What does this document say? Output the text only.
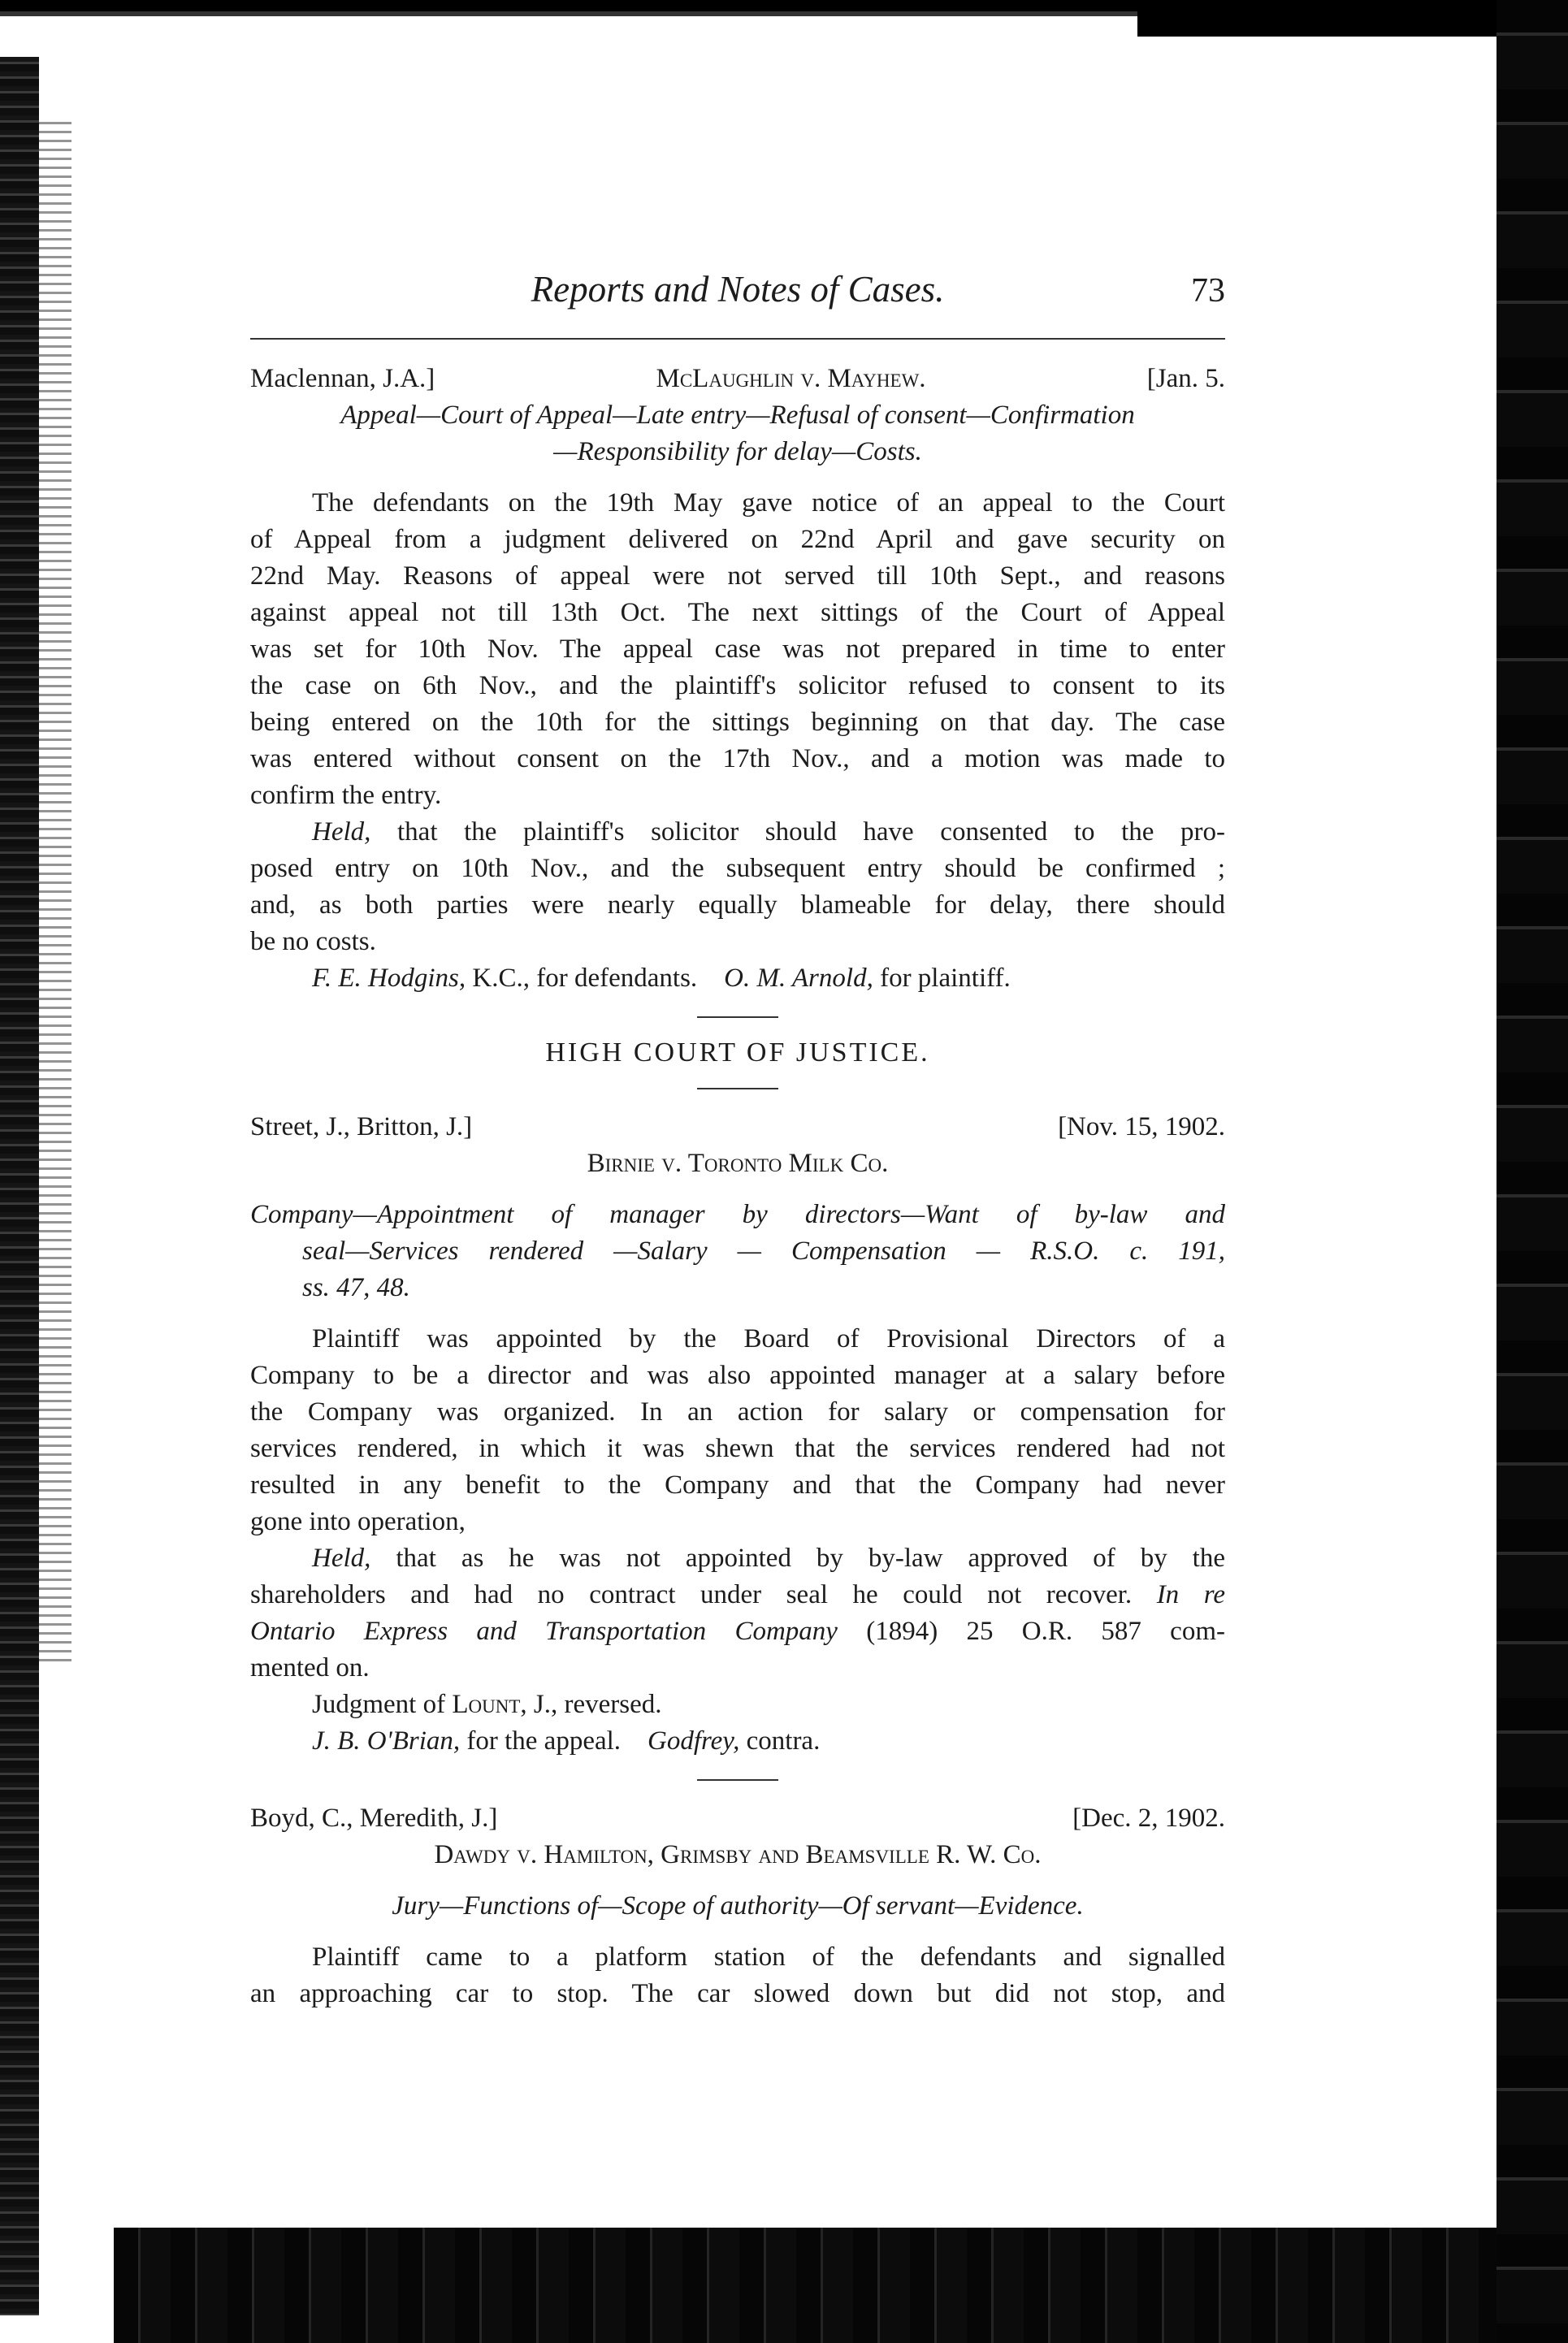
Reports and Notes of Cases.	73
Maclennan, J.A.]	McLaughlin v. Mayhew.	[Jan. 5.
Appeal—Court of Appeal—Late entry—Refusal of consent—Confirmation
—Responsibility for delay—Costs.
The defendants on the 19th May gave notice of an appeal to the Court
of Appeal from a judgment delivered on 22nd April and gave security on
22nd May. Reasons of appeal were not served till 10th Sept., and reasons
against appeal not till 13th Oct. The next sittings of the Court of Appeal
was set for 10th Nov. The appeal case was not prepared in time to enter
the case on 6th Nov., and the plaintiff's solicitor refused to consent to its
being entered on the 10th for the sittings beginning on that day. The case
was entered without consent on the 17th Nov., and a motion was made to
confirm the entry.
Held, that the plaintiff's solicitor should have consented to the pro-
posed entry on 10th Nov., and the subsequent entry should be confirmed ;
and, as both parties were nearly equally blameable for delay, there should
be no costs.
F. E. Hodgins, K.C., for defendants. O. M. Arnold, for plaintiff.
HIGH COURT OF JUSTICE.
Street, J., Britton, J.]	[Nov. 15, 1902.
Birnie v. Toronto Milk Co.
Company—Appointment of manager by directors—Want of by-law and
seal—Services rendered —Salary — Compensation — R.S.O. c. 191,
ss. 47, 48.
Plaintiff was appointed by the Board of Provisional Directors of a
Company to be a director and was also appointed manager at a salary before
the Company was organized. In an action for salary or compensation for
services rendered, in which it was shewn that the services rendered had not
resulted in any benefit to the Company and that the Company had never
gone into operation,
Held, that as he was not appointed by by-law approved of by the
shareholders and had no contract under seal he could not recover. In re
Ontario Express and Transportation Company (1894) 25 O.R. 587 com-
mented on.
Judgment of Lount, J., reversed.
J. B. O'Brian, for the appeal. Godfrey, contra.
Boyd, C., Meredith, J.]	[Dec. 2, 1902.
Dawdy v. Hamilton, Grimsby and Beamsville R. W. Co.
Jury—Functions of—Scope of authority—Of servant—Evidence.
Plaintiff came to a platform station of the defendants and signalled
an approaching car to stop. The car slowed down but did not stop, and
